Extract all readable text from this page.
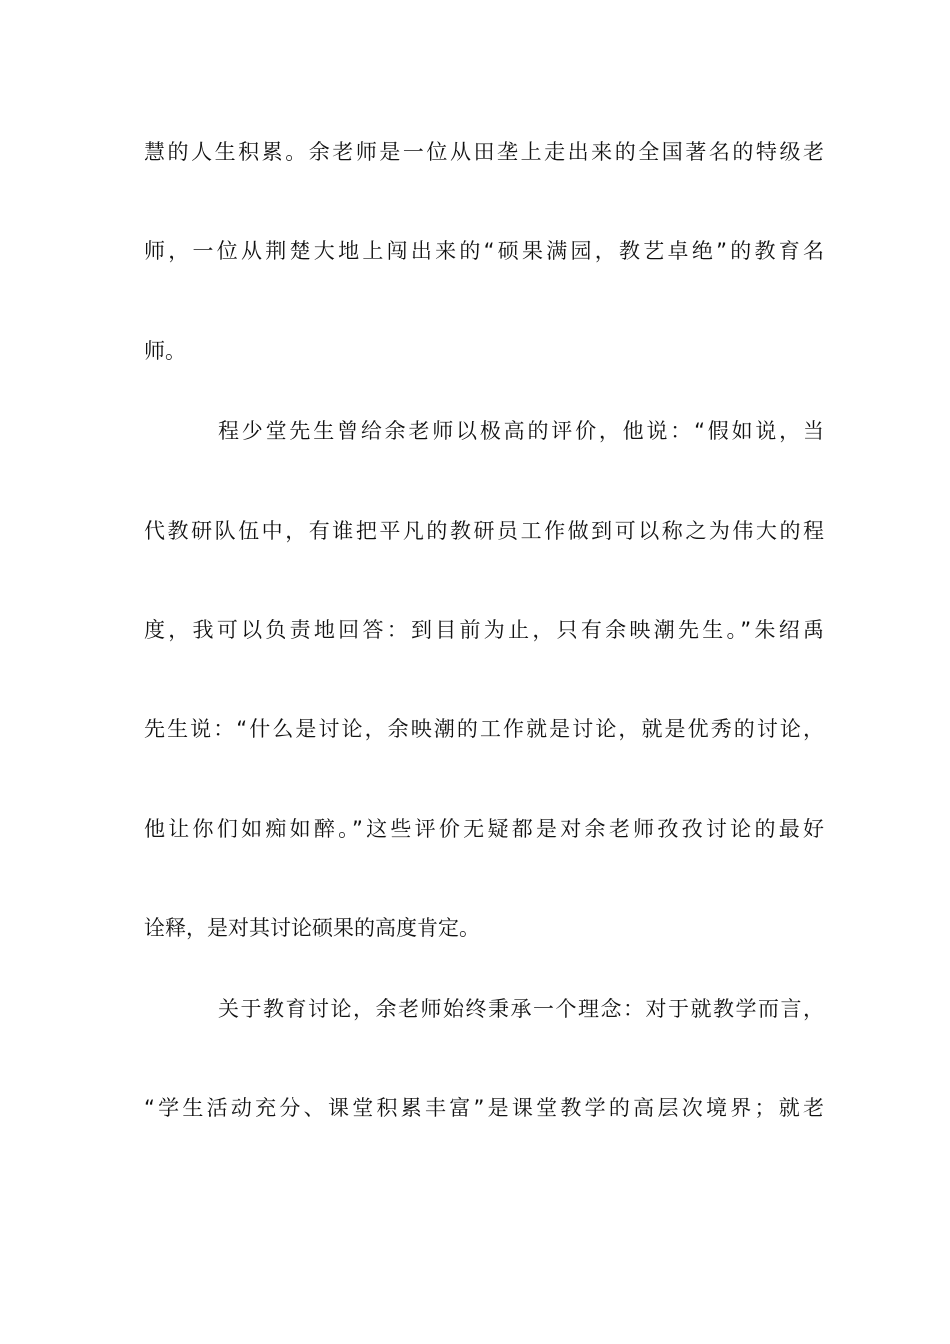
慧的人生积累。余老师是一位从田垄上走出来的全国著名的特级老
师，一位从荆楚大地上闯出来的“硕果满园，教艺卓绝”的教育名
师。
程少堂先生曾给余老师以极高的评价，他说：“假如说，当
代教研队伍中，有谁把平凡的教研员工作做到可以称之为伟大的程
度，我可以负责地回答：到目前为止，只有余映潮先生。”朱绍禹
先生说：“什么是讨论，余映潮的工作就是讨论，就是优秀的讨论，
他让你们如痴如醉。”这些评价无疑都是对余老师孜孜讨论的最好
诠释，是对其讨论硕果的高度肯定。
关于教育讨论，余老师始终秉承一个理念：对于就教学而言，
“学生活动充分、课堂积累丰富”是课堂教学的高层次境界；就老
